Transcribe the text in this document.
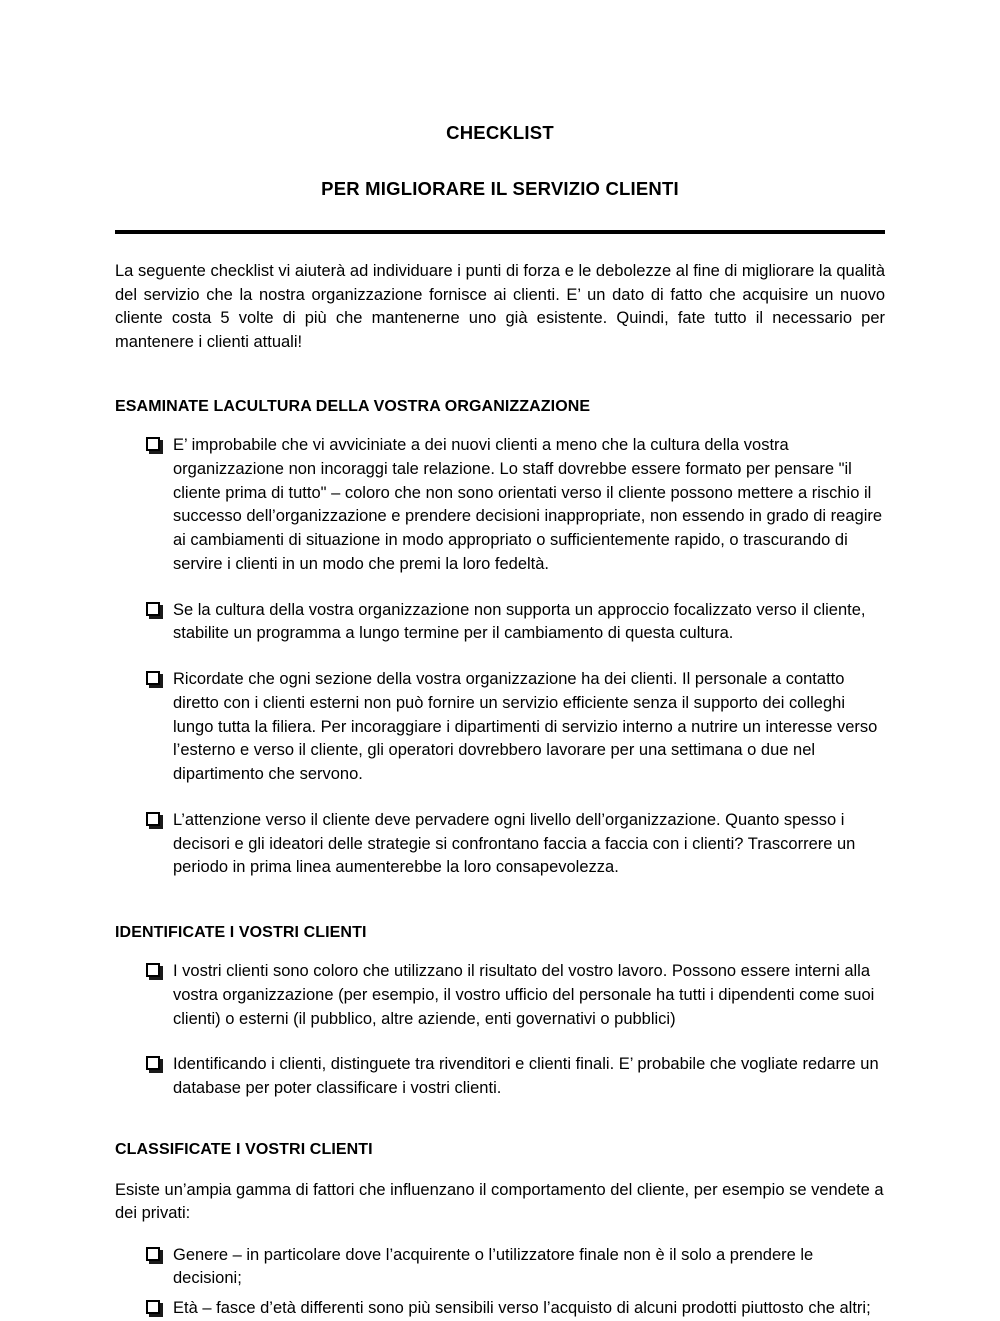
CHECKLIST
PER MIGLIORARE IL SERVIZIO CLIENTI

La seguente checklist vi aiuterà ad individuare i punti di forza e le debolezze al fine di migliorare la qualità del servizio che la nostra organizzazione fornisce ai clienti. E’ un dato di fatto che acquisire un nuovo cliente costa 5 volte di più che mantenerne uno già esistente. Quindi, fate tutto il necessario per mantenere i clienti attuali!

ESAMINATE LACULTURA DELLA VOSTRA ORGANIZZAZIONE
E’ improbabile che vi avviciniate a dei nuovi clienti a meno che la cultura della vostra organizzazione non incoraggi tale relazione. Lo staff dovrebbe essere formato per pensare "il cliente prima di tutto" – coloro che non sono orientati verso il cliente possono mettere a rischio il successo dell’organizzazione e prendere decisioni inappropriate, non essendo in grado di reagire ai cambiamenti di situazione in modo appropriato o sufficientemente rapido, o trascurando di servire i clienti in un modo che premi la loro fedeltà.
Se la cultura della vostra organizzazione non supporta un approccio focalizzato verso il cliente, stabilite un programma a lungo termine per il cambiamento di questa cultura.
Ricordate che ogni sezione della vostra organizzazione ha dei clienti. Il personale a contatto diretto con i clienti esterni non può fornire un servizio efficiente senza il supporto dei colleghi lungo tutta la filiera. Per incoraggiare i dipartimenti di servizio interno a nutrire un interesse verso l’esterno e verso il cliente, gli operatori dovrebbero lavorare per una settimana o due nel dipartimento che servono.
L’attenzione verso il cliente deve pervadere ogni livello dell’organizzazione. Quanto spesso i decisori e gli ideatori delle strategie si confrontano faccia a faccia con i clienti? Trascorrere un periodo in prima linea aumenterebbe la loro consapevolezza.
IDENTIFICATE I VOSTRI CLIENTI
I vostri clienti sono coloro che utilizzano il risultato del vostro lavoro. Possono essere interni alla vostra organizzazione (per esempio, il vostro ufficio del personale ha tutti i dipendenti come suoi clienti) o esterni (il pubblico, altre aziende, enti governativi o pubblici)
Identificando i clienti, distinguete tra rivenditori e clienti finali. E’ probabile che vogliate redarre un database per poter classificare i vostri clienti.
CLASSIFICATE I VOSTRI CLIENTI

Esiste un’ampia gamma di fattori che influenzano il comportamento del cliente, per esempio se vendete a dei privati:

Genere – in particolare dove l’acquirente o l’utilizzatore finale non è il solo a prendere le decisioni;
Età – fasce d’età differenti sono più sensibili verso l’acquisto di alcuni prodotti piuttosto che altri;
